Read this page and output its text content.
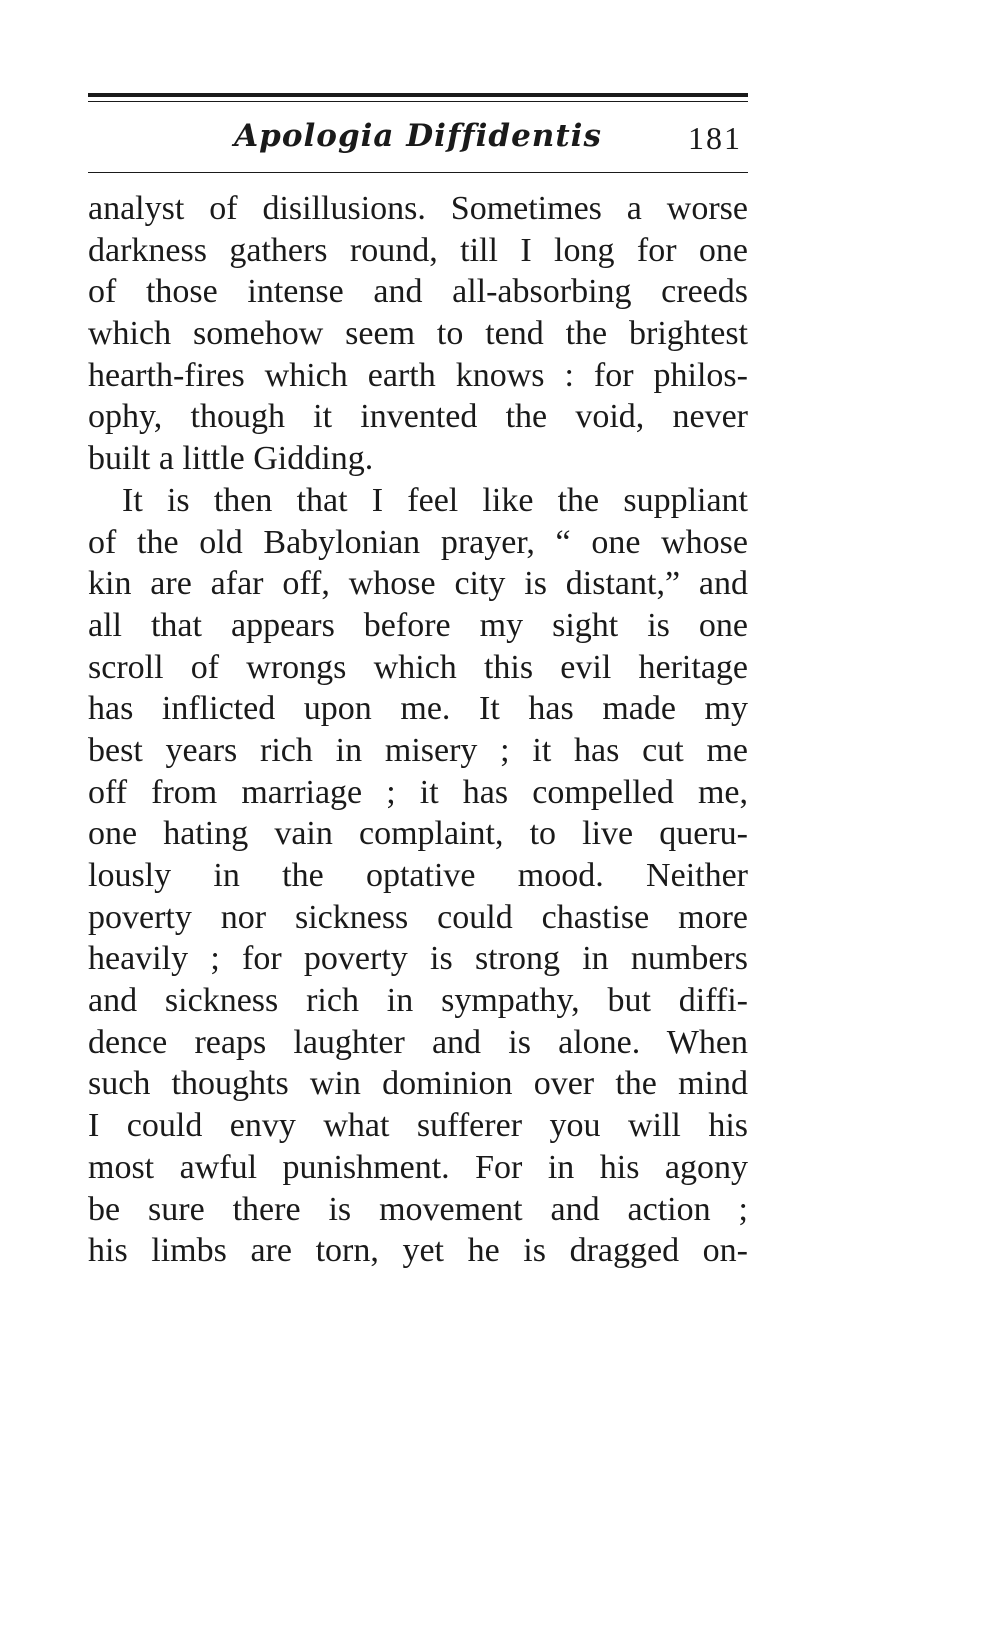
Apologia Diffidentis	181
analyst of disillusions. Sometimes a worse
darkness gathers round, till I long for one
of those intense and all-absorbing creeds
which somehow seem to tend the brightest
hearth-fires which earth knows : for philos-
ophy, though it invented the void, never
built a little Gidding.
It is then that I feel like the suppliant
of the old Babylonian prayer, “ one whose
kin are afar off, whose city is distant,” and
all that appears before my sight is one
scroll of wrongs which this evil heritage
has inflicted upon me. It has made my
best years rich in misery ; it has cut me
off from marriage ; it has compelled me,
one hating vain complaint, to live queru-
lously in the optative mood. Neither
poverty nor sickness could chastise more
heavily ; for poverty is strong in numbers
and sickness rich in sympathy, but diffi-
dence reaps laughter and is alone. When
such thoughts win dominion over the mind
I could envy what sufferer you will his
most awful punishment. For in his agony
be sure there is movement and action ;
his limbs are torn, yet he is dragged on-
